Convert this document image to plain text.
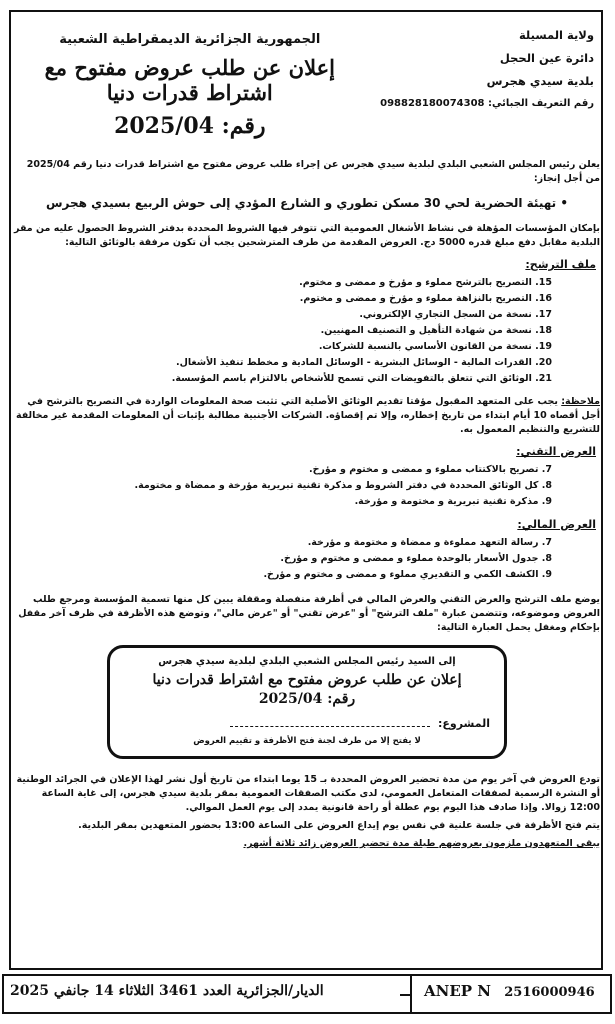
ولاية المسيلة
دائرة عين الحجل
بلدية سيدي هجرس
رقم التعريف الجبائي: 098828180074308
الجمهورية الجزائرية الديمقراطية الشعبية
إعلان عن طلب عروض مفتوح مع اشتراط قدرات دنيا
رقم: 2025/04

يعلن رئيس المجلس الشعبي البلدي لبلدية سيدي هجرس عن إجراء طلب عروض مفتوح مع اشتراط قدرات دنيا رقم 2025/04 من أجل إنجاز:

• تهيئة الحضرية لحي 30 مسكن تطوري و الشارع المؤدي إلى حوش الربيع بسيدي هجرس

بإمكان المؤسسات المؤهلة في نشاط الأشغال العمومية التي تتوفر فيها الشروط المحددة بدفتر الشروط الحصول عليه من مقر البلدية مقابل دفع مبلغ قدره 5000 دج. العروض المقدمة من طرف المترشحين يجب أن تكون مرفقة بالوثائق التالية:

ملف الترشح:
15. التصريح بالترشح مملوء و مؤرخ و ممضى و مختوم.
16. التصريح بالنزاهة مملوء و مؤرخ و ممضى و مختوم.
17. نسخة من السجل التجاري الإلكتروني.
18. نسخة من شهادة التأهيل و التصنيف المهنيين.
19. نسخة من القانون الأساسي بالنسبة للشركات.
20. القدرات المالية - الوسائل البشرية - الوسائل المادية و مخطط تنفيذ الأشغال.
21. الوثائق التي تتعلق بالتفويضات التي تسمح للأشخاص بالالتزام باسم المؤسسة.

ملاحظة: يجب على المتعهد المقبول مؤقتا تقديم الوثائق الأصلية التي تثبت صحة المعلومات الواردة في التصريح بالترشح في أجل أقصاه 10 أيام ابتداء من تاريخ إخطاره، وإلا تم إقصاؤه. الشركات الأجنبية مطالبة بإثبات أن المعلومات المقدمة غير مخالفة للتشريع والتنظيم المعمول به.

العرض التقني:
7. تصريح بالاكتتاب مملوء و ممضى و مختوم و مؤرخ.
8. كل الوثائق المحددة في دفتر الشروط و مذكرة تقنية تبريرية مؤرخة و ممضاة و مختومة.
9. مذكرة تقنية تبريرية و مختومة و مؤرخة.
العرض المالي:
7. رسالة التعهد مملوءة و ممضاة و مختومة و مؤرخة.
8. جدول الأسعار بالوحدة مملوء و ممضى و مختوم و مؤرخ.
9. الكشف الكمي و التقديري مملوء و ممضى و مختوم و مؤرخ.

يوضع ملف الترشح والعرض التقني والعرض المالي في أظرفة منفصلة ومقفلة يبين كل منها تسمية المؤسسة ومرجع طلب العروض وموضوعه، وتتضمن عبارة "ملف الترشح" أو "عرض تقني" أو "عرض مالي"، وتوضع هذه الأظرفة في ظرف آخر مقفل بإحكام ومغفل يحمل العبارة التالية:

إلى السيد رئيس المجلس الشعبي البلدي لبلدية سيدي هجرس
إعلان عن طلب عروض مفتوح مع اشتراط قدرات دنيا
رقم: 2025/04
المشروع:
لا يفتح إلا من طرف لجنة فتح الأظرفة و تقييم العروض

تودع العروض في آخر يوم من مدة تحضير العروض المحددة بـ 15 يوما ابتداء من تاريخ أول نشر لهذا الإعلان في الجرائد الوطنية أو النشرة الرسمية لصفقات المتعامل العمومي، لدى مكتب الصفقات العمومية بمقر بلدية سيدي هجرس، إلى غاية الساعة 12:00 زوالا. وإذا صادف هذا اليوم يوم عطلة أو راحة قانونية يمدد إلى يوم العمل الموالي.

يتم فتح الأظرفة في جلسة علنية في نفس يوم إيداع العروض على الساعة 13:00 بحضور المتعهدين بمقر البلدية.

يبقى المتعهدون ملزمون بعروضهم طيلة مدة تحضير العروض زائد ثلاثة أشهر.

الديار/الجزائرية العدد 3461 الثلاثاء 14 جانفي 2025	ANEP N 2516000946
